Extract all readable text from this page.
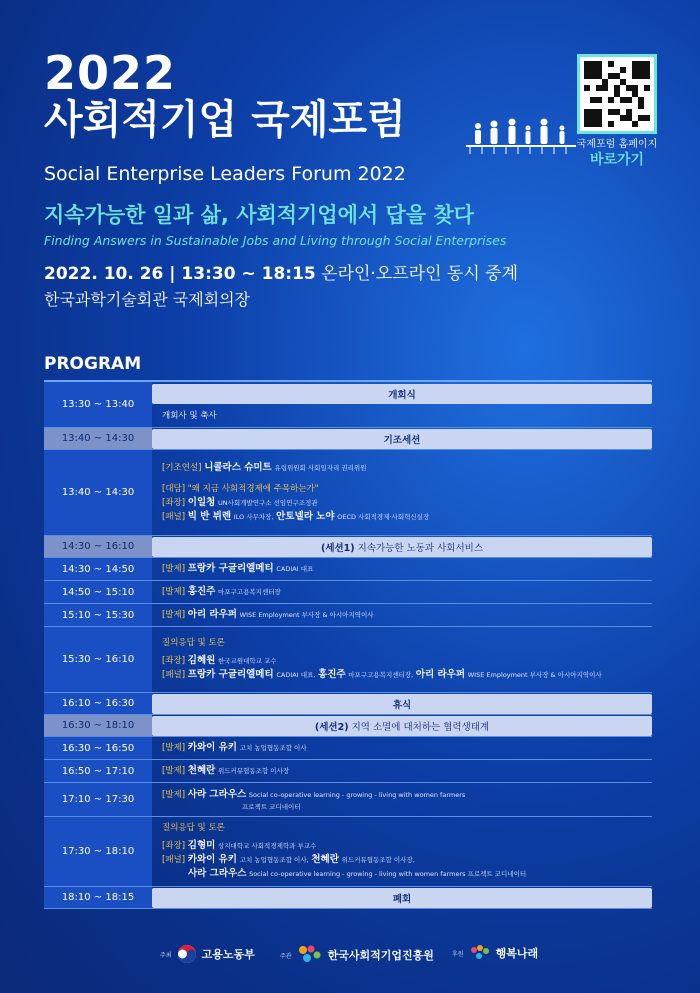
2022
사회적기업 국제포럼
Social Enterprise Leaders Forum 2022
지속가능한 일과 삶, 사회적기업에서 답을 찾다
Finding Answers in Sustainable Jobs and Living through Social Enterprises
2022. 10. 26 | 13:30 ~ 18:15 온라인·오프라인 동시 중계
한국과학기술회관 국제회의장
국제포럼 홈페이지
바로가기
PROGRAM
13:30 ~ 13:40
개회식
개회사 및 축사
13:40 ~ 14:30	기조세션
13:40 ~ 14:30
[기조연설] 니콜라스 슈미트 유럽위원회 사회일자리 권리위원
[대담] "왜 지금 사회적경제에 주목하는가"
[좌장] 이일청 UN사회개발연구소 선임연구조정관
[패널] 빅 반 뷔렌 ILO 사무차장, 안토넬라 노야 OECD 사회적경제·사회혁신실장
14:30 ~ 16:10	(세션1) 지속가능한 노동과 사회서비스
14:30 ~ 14:50	[발제] 프랑카 구글리엘메티 CADIAI 대표
14:50 ~ 15:10	[발제] 홍진주 마포구고용복지센터장
15:10 ~ 15:30	[발제] 아리 라우퍼 WISE Employment 부사장 & 아시아지역이사
15:30 ~ 16:10
질의응답 및 토론
[좌장] 김혜원 한국교원대학교 교수
[패널] 프랑카 구글리엘메티 CADIAI 대표, 홍진주 마포구고용복지센터장, 아리 라우퍼 WISE Employment 부사장 & 아시아지역이사
16:10 ~ 16:30	휴식
16:30 ~ 18:10	(세션2) 지역 소멸에 대처하는 협력생태계
16:30 ~ 16:50	[발제] 카와이 유키 고치 농업협동조합 이사
16:50 ~ 17:10	[발제] 천혜란 위드커뮤협동조합 이사장
17:10 ~ 17:30	[발제] 사라 그라우스 Social co-operative learning - growing - living with women farmers
프로젝트 코디네이터
17:30 ~ 18:10
질의응답 및 토론
[좌장] 김형미 상지대학교 사회적경제학과 부교수
[패널] 카와이 유키 고치 농업협동조합 이사, 천혜란 위드커뮤협동조합 이사장,
사라 그라우스 Social co-operative learning - growing - living with women farmers 프로젝트 코디네이터
18:10 ~ 18:15	폐회
주최	고용노동부	주관	한국사회적기업진흥원	후원	행복나래
